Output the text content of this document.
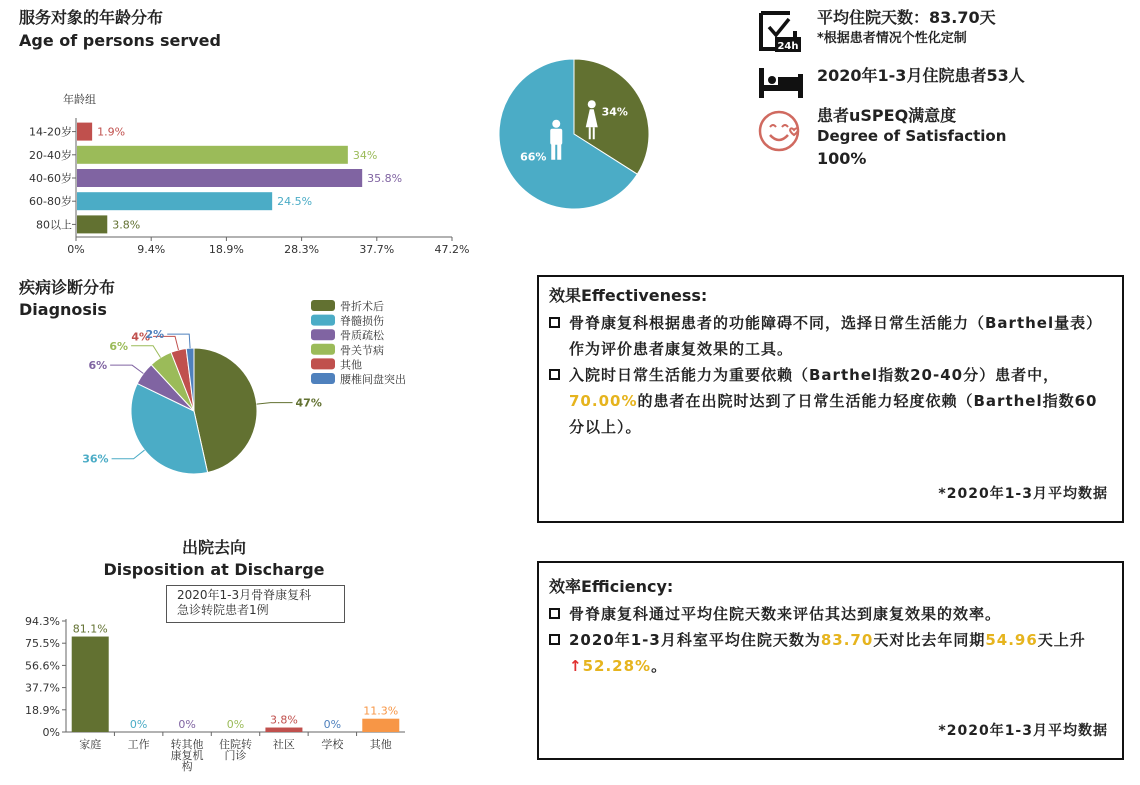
服务对象的年龄分布
Age of persons served
年龄组
14-20岁 1.9%
20-40岁	34%
40-60岁	35.8%
60-80岁	24.5%
80以上	3.8%
0%	9.4%	18.9%	28.3%	37.7%	47.2%
34%
66%
24h
平均住院天数：83.70天
*根据患者情况个性化定制
2020年1-3月住院患者53人
患者uSPEQ满意度
Degree of Satisfaction
100%
疾病诊断分布
Diagnosis
47%
36%
6%
6%
4%
2%
骨折术后
脊髓损伤
骨质疏松
骨关节病
其他
腰椎间盘突出
出院去向
Disposition at Discharge
2020年1-3月骨脊康复科
急诊转院患者1例
0%
18.9%
37.7%
56.6%
75.5%
94.3%
81.1%
家庭
0%
工作
0%
转其他
康复机
构
0%
住院转
门诊
3.8%
社区
0%
学校
11.3%
其他
效果Effectiveness:
骨脊康复科根据患者的功能障碍不同，选择日常生活能力（Barthel量表）作为评价患者康复效果的工具。
入院时日常生活能力为重要依赖（Barthel指数20-40分）患者中，70.00%的患者在出院时达到了日常生活能力轻度依赖（Barthel指数60分以上）。
*2020年1-3月平均数据
效率Efficiency:
骨脊康复科通过平均住院天数来评估其达到康复效果的效率。
2020年1-3月科室平均住院天数为83.70天对比去年同期54.96天上升↑52.28%。
*2020年1-3月平均数据
